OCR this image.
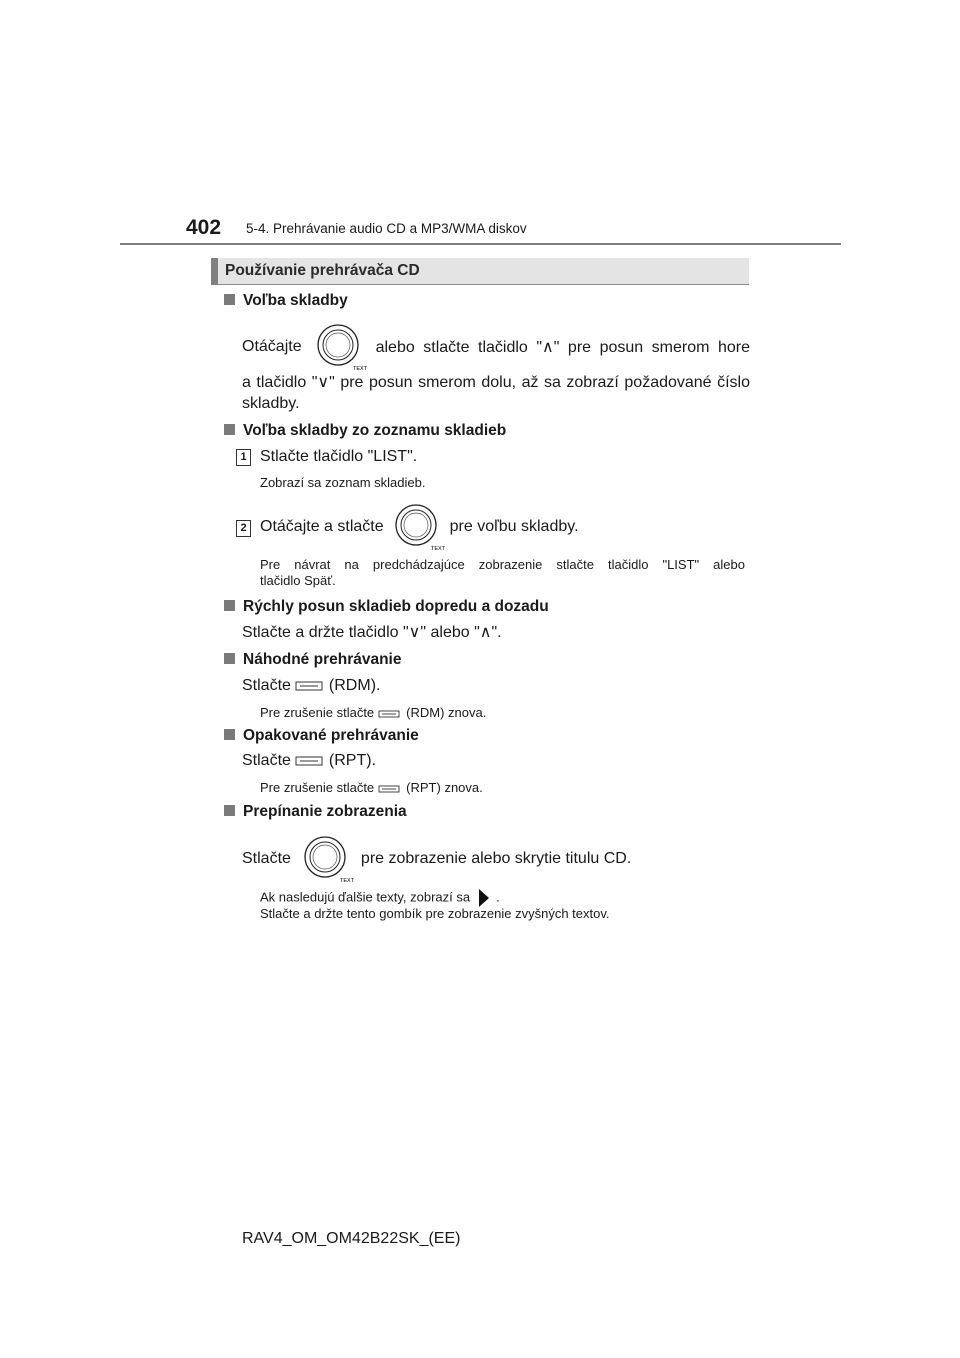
402 5-4. Prehrávanie audio CD a MP3/WMA diskov
Používanie prehrávača CD
Voľba skladby
Otáčajte
TEXT
alebo stlačte tlačidlo "∧" pre posun smerom hore
a tlačidlo "∨" pre posun smerom dolu, až sa zobrazí požadované číslo
skladby.
Voľba skladby zo zoznamu skladieb
1 Stlačte tlačidlo "LIST".
Zobrazí sa zoznam skladieb.
2 Otáčajte a stlačte
TEXT
pre voľbu skladby.
Pre návrat na predchádzajúce zobrazenie stlačte tlačidlo "LIST" alebo
tlačidlo Späť.
Rýchly posun skladieb dopredu a dozadu
Stlačte a držte tlačidlo "∨" alebo "∧".
Náhodné prehrávanie
Stlačte (RDM).
Pre zrušenie stlačte (RDM) znova.
Opakované prehrávanie
Stlačte (RPT).
Pre zrušenie stlačte (RPT) znova.
Prepínanie zobrazenia
Stlačte
TEXT
pre zobrazenie alebo skrytie titulu CD.
Ak nasledujú ďalšie texty, zobrazí sa .
Stlačte a držte tento gombík pre zobrazenie zvyšných textov.
RAV4_OM_OM42B22SK_(EE)
